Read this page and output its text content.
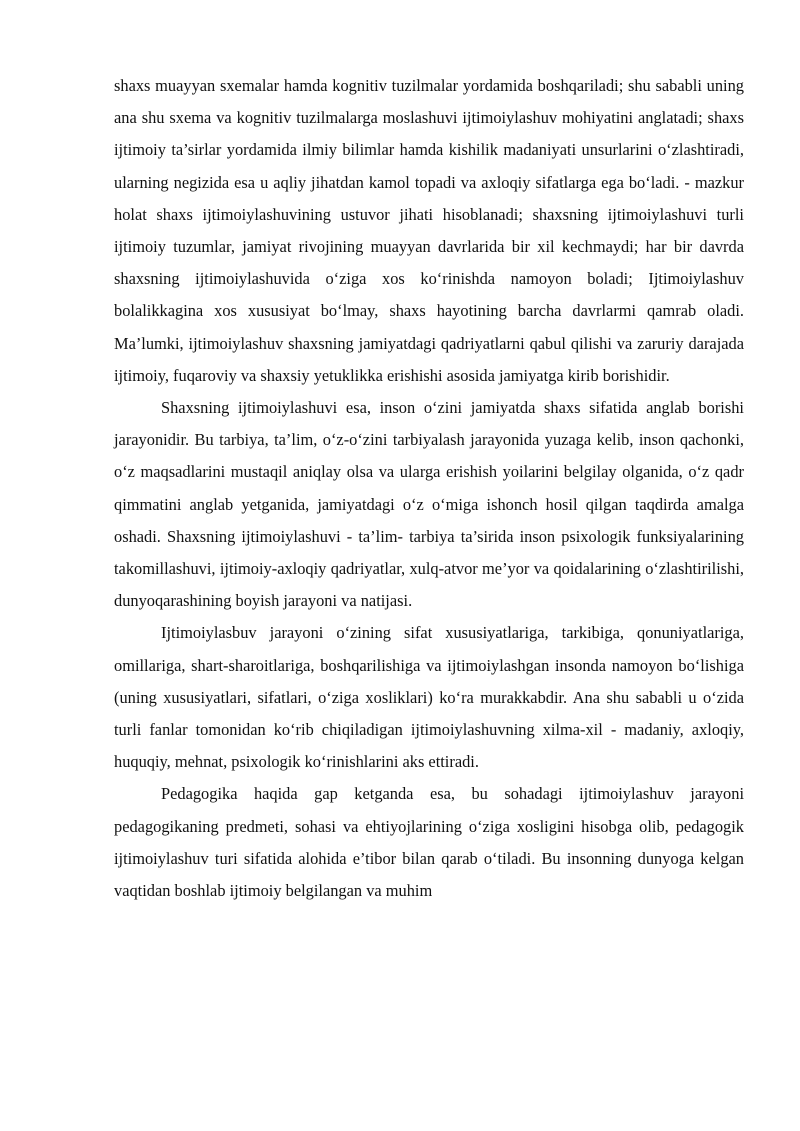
shaxs muayyan sxemalar hamda kognitiv tuzilmalar yordamida boshqariladi; shu sababli uning ana shu sxema va kognitiv tuzilmalarga moslashuvi ijtimoiylashuv mohiyatini anglatadi; shaxs ijtimoiy ta’sirlar yordamida ilmiy bilimlar hamda kishilik madaniyati unsurlarini o‘zlashtiradi, ularning negizida esa u aqliy jihatdan kamol topadi va axloqiy sifatlarga ega bo‘ladi. - mazkur holat shaxs ijtimoiylashuvining ustuvor jihati hisoblanadi; shaxsning ijtimoiylashuvi turli ijtimoiy tuzumlar, jamiyat rivojining muayyan davrlarida bir xil kechmaydi; har bir davrda shaxsning ijtimoiylashuvida o‘ziga xos ko‘rinishda namoyon boladi; Ijtimoiylashuv bolalikkagina xos xususiyat bo‘lmay, shaxs hayotining barcha davrlarmi qamrab oladi. Ma’lumki, ijtimoiylashuv shaxsning jamiyatdagi qadriyatlarni qabul qilishi va zaruriy darajada ijtimoiy, fuqaroviy va shaxsiy yetuklikka erishishi asosida jamiyatga kirib borishidir.

Shaxsning ijtimoiylashuvi esa, inson o‘zini jamiyatda shaxs sifatida anglab borishi jarayonidir. Bu tarbiya, ta’lim, o‘z-o‘zini tarbiyalash jarayonida yuzaga kelib, inson qachonki, o‘z maqsadlarini mustaqil aniqlay olsa va ularga erishish yoilarini belgilay olganida, o‘z qadr qimmatini anglab yetganida, jamiyatdagi o‘z o‘miga ishonch hosil qilgan taqdirda amalga oshadi. Shaxsning ijtimoiylashuvi - ta’lim- tarbiya ta’sirida inson psixologik funksiyalarining takomillashuvi, ijtimoiy-axloqiy qadriyatlar, xulq-atvor me’yor va qoidalarining o‘zlashtirilishi, dunyoqarashining boyish jarayoni va natijasi.

Ijtimoiylasbuv jarayoni o‘zining sifat xususiyatlariga, tarkibiga, qonuniyatlariga, omillariga, shart-sharoitlariga, boshqarilishiga va ijtimoiylashgan insonda namoyon bo‘lishiga (uning xususiyatlari, sifatlari, o‘ziga xosliklari) ko‘ra murakkabdir. Ana shu sababli u o‘zida turli fanlar tomonidan ko‘rib chiqiladigan ijtimoiylashuvning xilma-xil - madaniy, axloqiy, huquqiy, mehnat, psixologik ko‘rinishlarini aks ettiradi.

Pedagogika haqida gap ketganda esa, bu sohadagi ijtimoiylashuv jarayoni pedagogikaning predmeti, sohasi va ehtiyojlarining o‘ziga xosligini hisobga olib, pedagogik ijtimoiylashuv turi sifatida alohida e’tibor bilan qarab o‘tiladi. Bu insonning dunyoga kelgan vaqtidan boshlab ijtimoiy belgilangan va muhim
